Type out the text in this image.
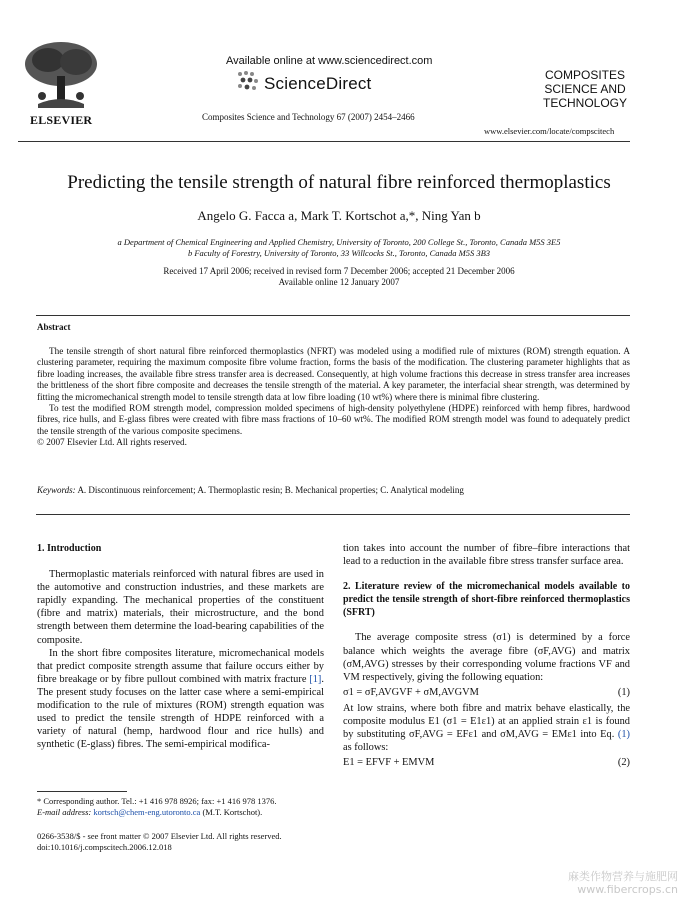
ELSEVIER
Available online at www.sciencedirect.com
ScienceDirect
Composites Science and Technology 67 (2007) 2454–2466
COMPOSITES
SCIENCE AND
TECHNOLOGY
www.elsevier.com/locate/compscitech
Predicting the tensile strength of natural fibre reinforced thermoplastics
Angelo G. Facca a, Mark T. Kortschot a,*, Ning Yan b
a Department of Chemical Engineering and Applied Chemistry, University of Toronto, 200 College St., Toronto, Canada M5S 3E5
b Faculty of Forestry, University of Toronto, 33 Willcocks St., Toronto, Canada M5S 3B3
Received 17 April 2006; received in revised form 7 December 2006; accepted 21 December 2006
Available online 12 January 2007
Abstract

The tensile strength of short natural fibre reinforced thermoplastics (NFRT) was modeled using a modified rule of mixtures (ROM) strength equation. A clustering parameter, requiring the maximum composite fibre volume fraction, forms the basis of the modification. The clustering parameter highlights that as fibre loading increases, the available fibre stress transfer area is decreased. Consequently, at high volume fractions this decrease in stress transfer area increases the brittleness of the short fibre composite and decreases the tensile strength of the material. A key parameter, the interfacial shear strength, was determined by fitting the micromechanical strength model to tensile strength data at low fibre loading (10 wt%) where there is minimal fibre clustering.

To test the modified ROM strength model, compression molded specimens of high-density polyethylene (HDPE) reinforced with hemp fibres, hardwood fibres, rice hulls, and E-glass fibres were created with fibre mass fractions of 10–60 wt%. The modified ROM strength model was found to adequately predict the tensile strength of the various composite specimens.

© 2007 Elsevier Ltd. All rights reserved.

Keywords: A. Discontinuous reinforcement; A. Thermoplastic resin; B. Mechanical properties; C. Analytical modeling

1. Introduction

Thermoplastic materials reinforced with natural fibres are used in the automotive and construction industries, and these markets are rapidly expanding. The mechanical properties of the constituent (fibre and matrix) materials, their microstructure, and the bond strength between them determine the load-bearing capabilities of the composite.

In the short fibre composites literature, micromechanical models that predict composite strength assume that failure occurs either by fibre breakage or by fibre pullout combined with matrix fracture [1]. The present study focuses on the latter case where a semi-empirical modification to the rule of mixtures (ROM) strength equation was used to predict the tensile strength of HDPE reinforced with a variety of natural (hemp, hardwood flour and rice hulls) and synthetic (E-glass) fibres. The semi-empirical modifica-

* Corresponding author. Tel.: +1 416 978 8926; fax: +1 416 978 1376.
E-mail address: kortsch@chem-eng.utoronto.ca (M.T. Kortschot).
0266-3538/$ - see front matter © 2007 Elsevier Ltd. All rights reserved.
doi:10.1016/j.compscitech.2006.12.018

tion takes into account the number of fibre–fibre interactions that lead to a reduction in the available fibre stress transfer surface area.

2. Literature review of the micromechanical models available to predict the tensile strength of short-fibre reinforced thermoplastics (SFRT)

The average composite stress (σ1) is determined by a force balance which weights the average fibre (σF,AVG) and matrix (σM,AVG) stresses by their corresponding volume fractions VF and VM respectively, giving the following equation:

σ1 = σF,AVGVF + σM,AVGVM	(1)

At low strains, where both fibre and matrix behave elastically, the composite modulus E1 (σ1 = E1ε1) at an applied strain ε1 is found by substituting σF,AVG = EFε1 and σM,AVG = EMε1 into Eq. (1) as follows:

E1 = EFVF + EMVM	(2)
麻类作物营养与施肥网
www.fibercrops.cn
